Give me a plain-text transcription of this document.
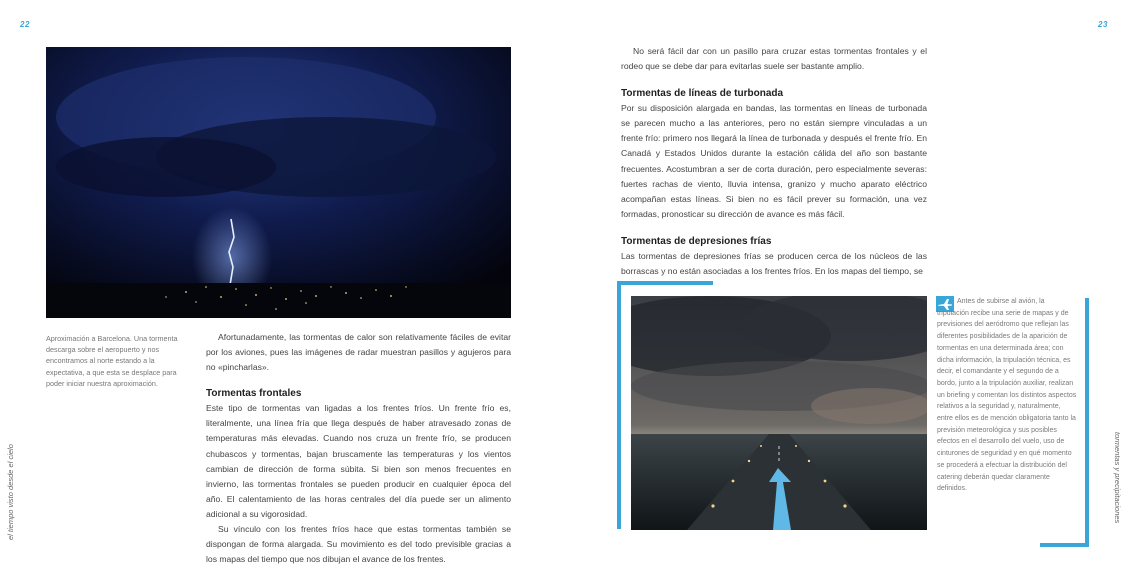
22
el tiempo visto desde el cielo
Aproximación a Barcelona. Una tormenta descarga sobre el aeropuerto y nos encontramos al norte estando a la expectativa, a que esta se desplace para poder iniciar nuestra aproximación.

Afortunadamente, las tormentas de calor son relativamente fáciles de evitar por los aviones, pues las imágenes de radar muestran pasillos y agujeros para no «pincharlas».

Tormentas frontales

Este tipo de tormentas van ligadas a los frentes fríos. Un frente frío es, literalmente, una línea fría que llega después de haber atravesado zonas de temperaturas más elevadas. Cuando nos cruza un frente frío, se producen chubascos y tormentas, bajan bruscamente las temperaturas y los vientos cambian de dirección de forma súbita. Si bien son menos frecuentes en invierno, las tormentas frontales se pueden producir en cualquier época del año. El calentamiento de las horas centrales del día puede ser un alimento adicional a su vigorosidad.

Su vínculo con los frentes fríos hace que estas tormentas también se dispongan de forma alargada. Su movimiento es del todo previsible gracias a los mapas del tiempo que nos dibujan el avance de los frentes.

23
tormentas y precipitaciones

No será fácil dar con un pasillo para cruzar estas tormentas frontales y el rodeo que se debe dar para evitarlas suele ser bastante amplio.

Tormentas de líneas de turbonada

Por su disposición alargada en bandas, las tormentas en líneas de turbonada se parecen mucho a las anteriores, pero no están siempre vinculadas a un frente frío: primero nos llegará la línea de turbonada y después el frente frío. En Canadá y Estados Unidos durante la estación cálida del año son bastante frecuentes. Acostumbran a ser de corta duración, pero especialmente severas: fuertes rachas de viento, lluvia intensa, granizo y mucho aparato eléctrico acompañan estas líneas. Si bien no es fácil prever su formación, una vez formadas, pronosticar su dirección de avance es más fácil.

Tormentas de depresiones frías

Las tormentas de depresiones frías se producen cerca de los núcleos de las borrascas y no están asociadas a los frentes fríos. En los mapas del tiempo, se

Antes de subirse al avión, la tripulación recibe una serie de mapas y de previsiones del aeródromo que reflejan las diferentes posibilidades de la aparición de tormentas en una determinada área; con dicha información, la tripulación técnica, es decir, el comandante y el segundo de a bordo, junto a la tripulación auxiliar, realizan un briefing y comentan los distintos aspectos relativos a la seguridad y, naturalmente, entre ellos es de mención obligatoria tanto la previsión meteorológica y sus posibles efectos en el desarrollo del vuelo, uso de cinturones de seguridad y en qué momento se procederá a efectuar la distribución del catering deberán quedar claramente definidos.
